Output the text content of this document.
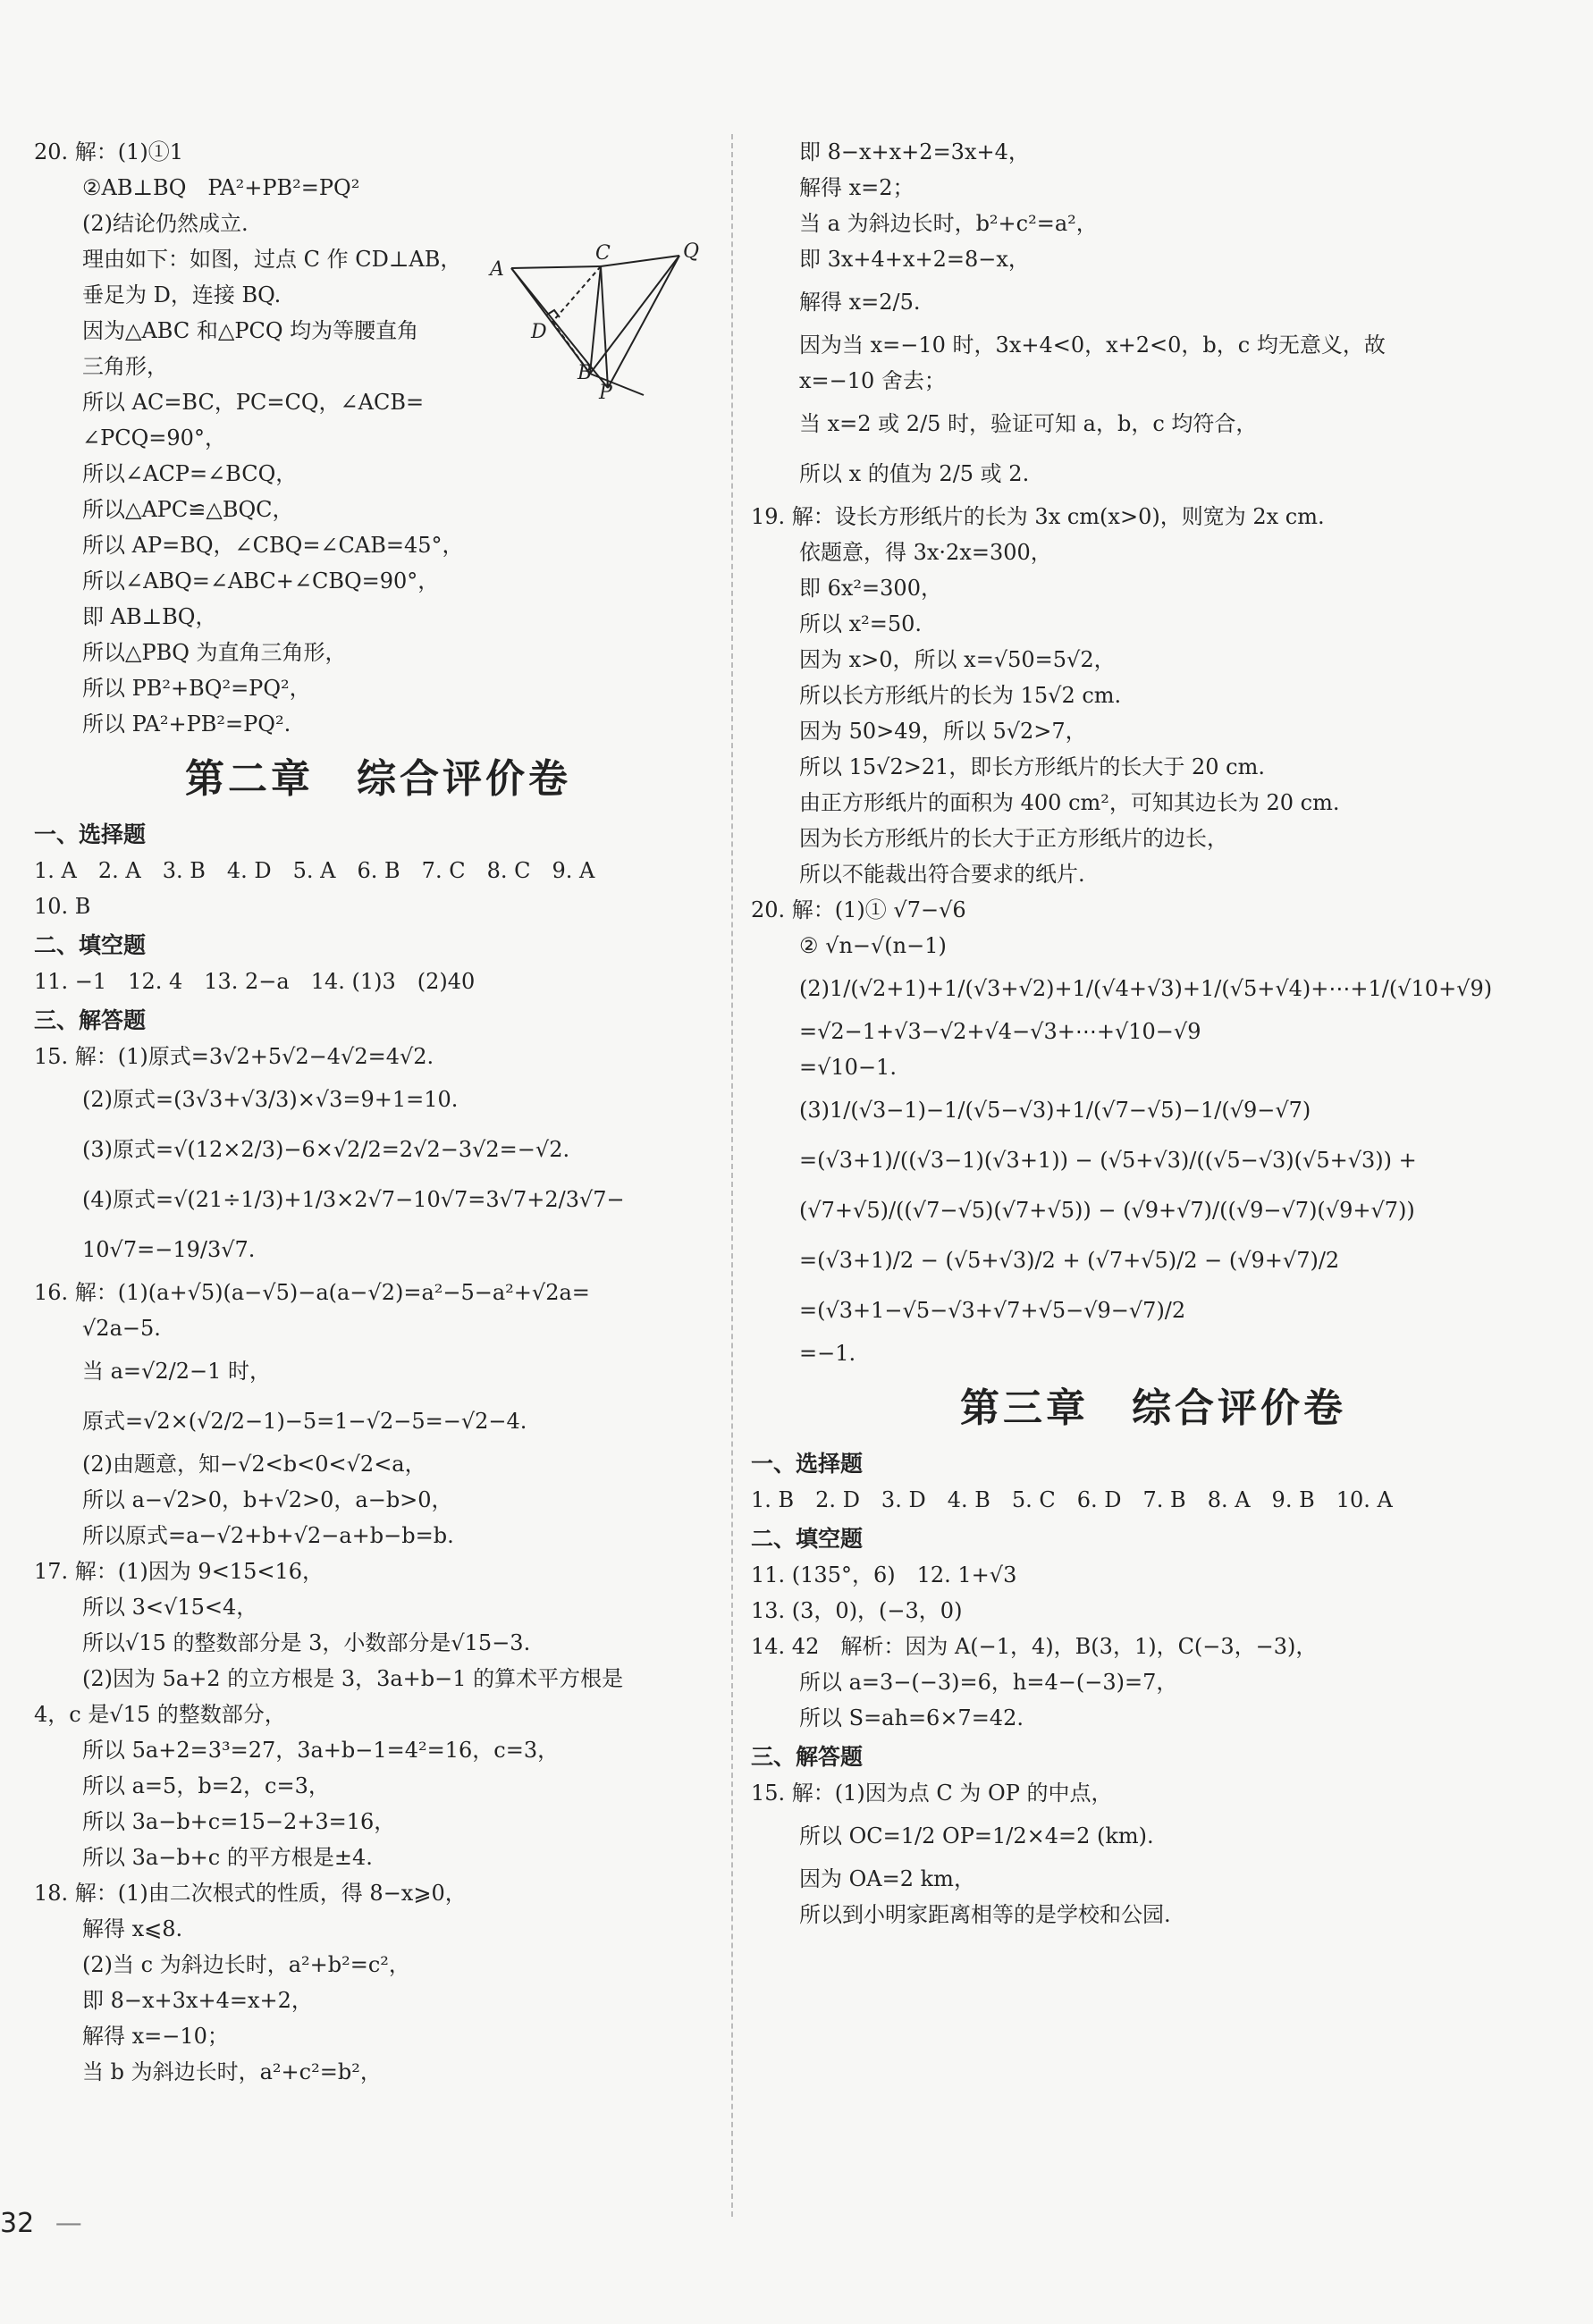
20. 解：(1)①1
②AB⊥BQ　PA²+PB²=PQ²
(2)结论仍然成立.
理由如下：如图，过点 C 作 CD⊥AB，
垂足为 D，连接 BQ.
因为△ABC 和△PCQ 均为等腰直角
三角形，
所以 AC=BC，PC=CQ，∠ACB=
∠PCQ=90°，
所以∠ACP=∠BCQ，
所以△APC≌△BQC，
所以 AP=BQ，∠CBQ=∠CAB=45°，
所以∠ABQ=∠ABC+∠CBQ=90°，
即 AB⊥BQ，
所以△PBQ 为直角三角形，
所以 PB²+BQ²=PQ²，
所以 PA²+PB²=PQ².
第二章　综合评价卷
一、选择题
1. A　2. A　3. B　4. D　5. A　6. B　7. C　8. C　9. A
10. B
二、填空题
11. −1　12. 4　13. 2−a　14. (1)3　(2)40
三、解答题
15. 解：(1)原式=3√2+5√2−4√2=4√2.
(2)原式=(3√3+√3/3)×√3=9+1=10.
(3)原式=√(12×2/3)−6×√2/2=2√2−3√2=−√2.
(4)原式=√(21÷1/3)+1/3×2√7−10√7=3√7+2/3√7−
10√7=−19/3√7.
16. 解：(1)(a+√5)(a−√5)−a(a−√2)=a²−5−a²+√2a=
√2a−5.
当 a=√2/2−1 时，
原式=√2×(√2/2−1)−5=1−√2−5=−√2−4.
(2)由题意，知−√2<b<0<√2<a，
所以 a−√2>0，b+√2>0，a−b>0，
所以原式=a−√2+b+√2−a+b−b=b.
17. 解：(1)因为 9<15<16，
所以 3<√15<4，
所以√15 的整数部分是 3，小数部分是√15−3.
(2)因为 5a+2 的立方根是 3，3a+b−1 的算术平方根是
4，c 是√15 的整数部分，
所以 5a+2=3³=27，3a+b−1=4²=16，c=3，
所以 a=5，b=2，c=3，
所以 3a−b+c=15−2+3=16，
所以 3a−b+c 的平方根是±4.
18. 解：(1)由二次根式的性质，得 8−x⩾0，
解得 x⩽8.
(2)当 c 为斜边长时，a²+b²=c²，
即 8−x+3x+4=x+2，
解得 x=−10；
当 b 为斜边长时，a²+c²=b²，
A
C	Q
D
B
P
即 8−x+x+2=3x+4，
解得 x=2；
当 a 为斜边长时，b²+c²=a²，
即 3x+4+x+2=8−x，
解得 x=2/5.
因为当 x=−10 时，3x+4<0，x+2<0，b，c 均无意义，故
x=−10 舍去；
当 x=2 或 2/5 时，验证可知 a，b，c 均符合，
所以 x 的值为 2/5 或 2.
19. 解：设长方形纸片的长为 3x cm(x>0)，则宽为 2x cm.
依题意，得 3x·2x=300，
即 6x²=300，
所以 x²=50.
因为 x>0，所以 x=√50=5√2，
所以长方形纸片的长为 15√2 cm.
因为 50>49，所以 5√2>7，
所以 15√2>21，即长方形纸片的长大于 20 cm.
由正方形纸片的面积为 400 cm²，可知其边长为 20 cm.
因为长方形纸片的长大于正方形纸片的边长，
所以不能裁出符合要求的纸片.
20. 解：(1)① √7−√6
② √n−√(n−1)
(2)1/(√2+1)+1/(√3+√2)+1/(√4+√3)+1/(√5+√4)+⋯+1/(√10+√9)
=√2−1+√3−√2+√4−√3+⋯+√10−√9
=√10−1.
(3)1/(√3−1)−1/(√5−√3)+1/(√7−√5)−1/(√9−√7)
=(√3+1)/((√3−1)(√3+1)) − (√5+√3)/((√5−√3)(√5+√3)) +
(√7+√5)/((√7−√5)(√7+√5)) − (√9+√7)/((√9−√7)(√9+√7))
=(√3+1)/2 − (√5+√3)/2 + (√7+√5)/2 − (√9+√7)/2
=(√3+1−√5−√3+√7+√5−√9−√7)/2
=−1.
第三章　综合评价卷
一、选择题
1. B　2. D　3. D　4. B　5. C　6. D　7. B　8. A　9. B　10. A
二、填空题
11. (135°，6)　12. 1+√3
13. (3，0)，(−3，0)
14. 42　解析：因为 A(−1，4)，B(3，1)，C(−3，−3)，
所以 a=3−(−3)=6，h=4−(−3)=7，
所以 S=ah=6×7=42.
三、解答题
15. 解：(1)因为点 C 为 OP 的中点，
所以 OC=1/2 OP=1/2×4=2 (km).
因为 OA=2 km，
所以到小明家距离相等的是学校和公园.
32 —
